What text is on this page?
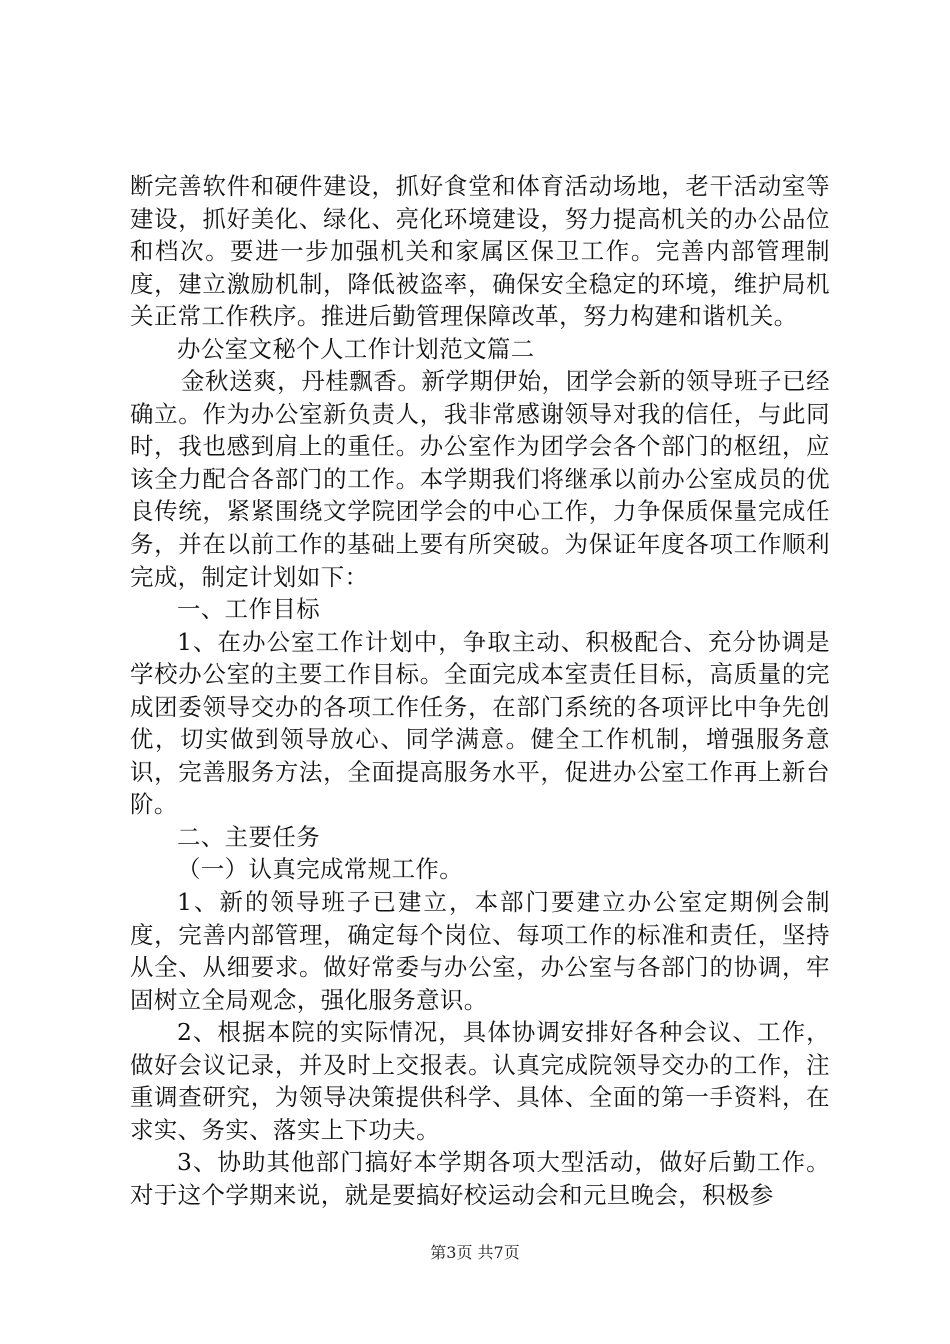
断完善软件和硬件建设，抓好食堂和体育活动场地，老干活动室等建设，抓好美化、绿化、亮化环境建设，努力提高机关的办公品位和档次。要进一步加强机关和家属区保卫工作。完善内部管理制度，建立激励机制，降低被盗率，确保安全稳定的环境，维护局机关正常工作秩序。推进后勤管理保障改革，努力构建和谐机关。

办公室文秘个人工作计划范文篇二

金秋送爽，丹桂飘香。新学期伊始，团学会新的领导班子已经确立。作为办公室新负责人，我非常感谢领导对我的信任，与此同时，我也感到肩上的重任。办公室作为团学会各个部门的枢纽，应该全力配合各部门的工作。本学期我们将继承以前办公室成员的优良传统，紧紧围绕文学院团学会的中心工作，力争保质保量完成任务，并在以前工作的基础上要有所突破。为保证年度各项工作顺利完成，制定计划如下：

一、工作目标

1、在办公室工作计划中，争取主动、积极配合、充分协调是学校办公室的主要工作目标。全面完成本室责任目标，高质量的完成团委领导交办的各项工作任务，在部门系统的各项评比中争先创优，切实做到领导放心、同学满意。健全工作机制，增强服务意识，完善服务方法，全面提高服务水平，促进办公室工作再上新台阶。

二、主要任务

（一）认真完成常规工作。

1、新的领导班子已建立，本部门要建立办公室定期例会制度，完善内部管理，确定每个岗位、每项工作的标准和责任，坚持从全、从细要求。做好常委与办公室，办公室与各部门的协调，牢固树立全局观念，强化服务意识。

2、根据本院的实际情况，具体协调安排好各种会议、工作，做好会议记录，并及时上交报表。认真完成院领导交办的工作，注重调查研究，为领导决策提供科学、具体、全面的第一手资料，在求实、务实、落实上下功夫。

3、协助其他部门搞好本学期各项大型活动，做好后勤工作。对于这个学期来说，就是要搞好校运动会和元旦晚会，积极参

第3页 共7页
